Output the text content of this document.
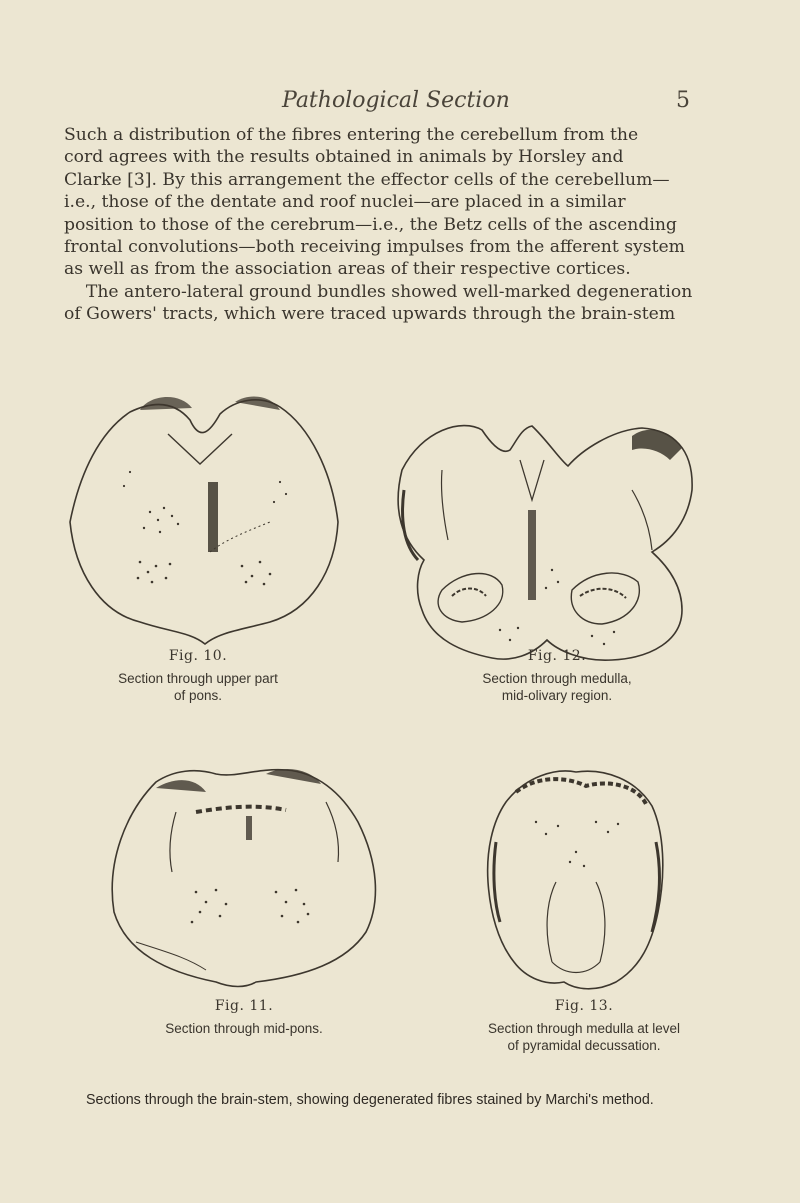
Pathological Section	5
Such a distribution of the fibres entering the cerebellum from the
cord agrees with the results obtained in animals by Horsley and
Clarke [3]. By this arrangement the effector cells of the cerebellum—
i.e., those of the dentate and roof nuclei—are placed in a similar
position to those of the cerebrum—i.e., the Betz cells of the ascending
frontal convolutions—both receiving impulses from the afferent system
as well as from the association areas of their respective cortices.
The antero-lateral ground bundles showed well-marked degeneration
of Gowers' tracts, which were traced upwards through the brain-stem
Fig. 10.
Section through upper part
of pons.
Fig. 12.
Section through medulla,
mid-olivary region.
Fig. 11.
Section through mid-pons.
Fig. 13.
Section through medulla at level
of pyramidal decussation.
Sections through the brain-stem, showing degenerated fibres stained by Marchi's method.
